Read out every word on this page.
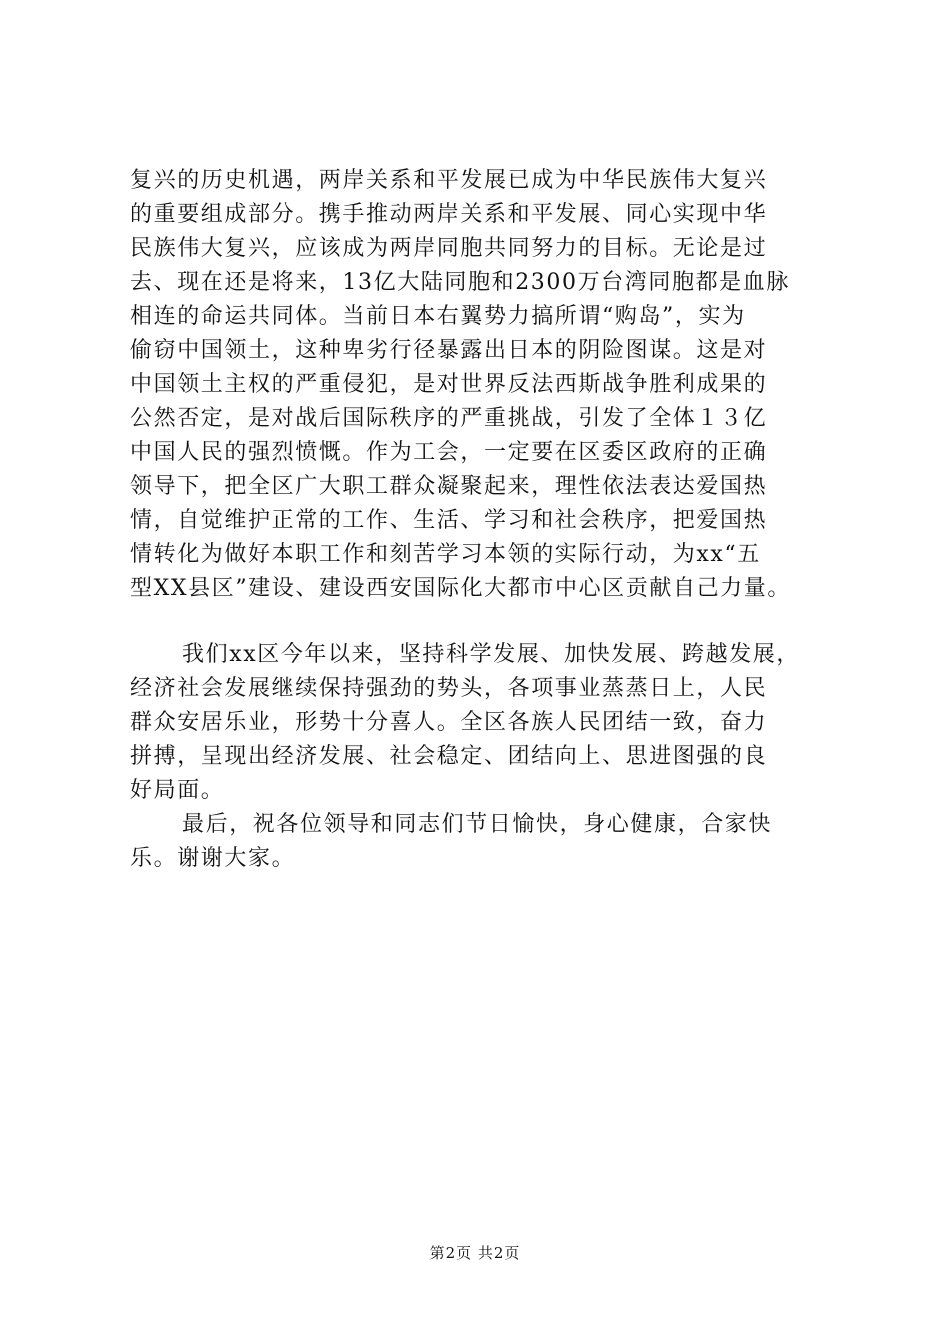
复兴的历史机遇，两岸关系和平发展已成为中华民族伟大复兴
的重要组成部分。携手推动两岸关系和平发展、同心实现中华
民族伟大复兴，应该成为两岸同胞共同努力的目标。无论是过
去、现在还是将来，13亿大陆同胞和2300万台湾同胞都是血脉
相连的命运共同体。当前日本右翼势力搞所谓“购岛”，实为
偷窃中国领土，这种卑劣行径暴露出日本的阴险图谋。这是对
中国领土主权的严重侵犯，是对世界反法西斯战争胜利成果的
公然否定，是对战后国际秩序的严重挑战，引发了全体１３亿
中国人民的强烈愤慨。作为工会，一定要在区委区政府的正确
领导下，把全区广大职工群众凝聚起来，理性依法表达爱国热
情，自觉维护正常的工作、生活、学习和社会秩序，把爱国热
情转化为做好本职工作和刻苦学习本领的实际行动，为xx“五
型XX县区”建设、建设西安国际化大都市中心区贡献自己力量。
我们xx区今年以来，坚持科学发展、加快发展、跨越发展，
经济社会发展继续保持强劲的势头，各项事业蒸蒸日上，人民
群众安居乐业，形势十分喜人。全区各族人民团结一致，奋力
拼搏，呈现出经济发展、社会稳定、团结向上、思进图强的良
好局面。
最后，祝各位领导和同志们节日愉快，身心健康，合家快
乐。谢谢大家。
第2页 共2页
